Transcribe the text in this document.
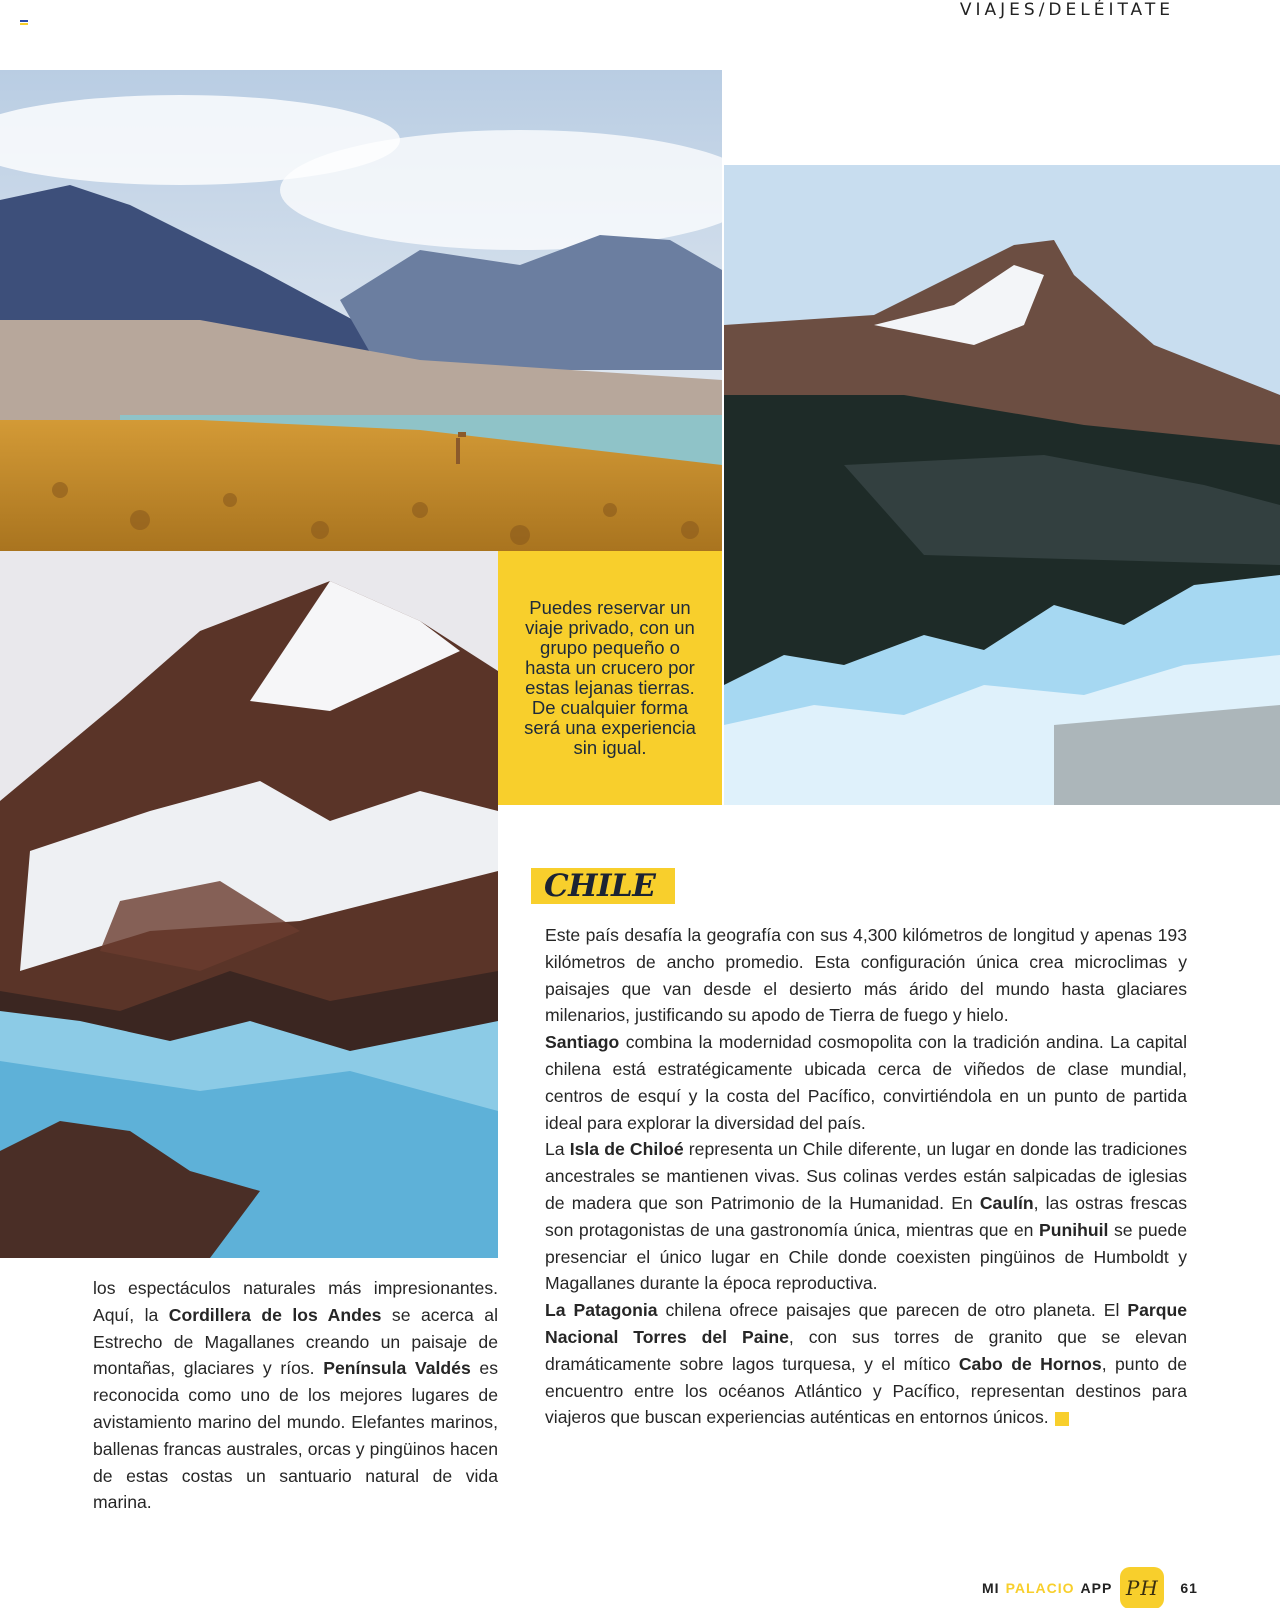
VIAJES/DELÉITATE

Puedes reservar un viaje privado, con un grupo pequeño o hasta un crucero por estas lejanas tierras. De cualquier forma será una experiencia sin igual.

CHILE

Este país desafía la geografía con sus 4,300 kilómetros de longitud y apenas 193 kilómetros de ancho promedio. Esta configuración única crea microclimas y paisajes que van desde el desierto más árido del mundo hasta glaciares milenarios, justificando su apodo de Tierra de fuego y hielo.

Santiago combina la modernidad cosmopolita con la tradición andina. La capital chilena está estratégicamente ubicada cerca de viñedos de clase mundial, centros de esquí y la costa del Pacífico, convirtiéndola en un punto de partida ideal para explorar la diversidad del país.

La Isla de Chiloé representa un Chile diferente, un lugar en donde las tradiciones ancestrales se mantienen vivas. Sus colinas verdes están salpicadas de iglesias de madera que son Patrimonio de la Humanidad. En Caulín, las ostras frescas son protagonistas de una gastronomía única, mientras que en Punihuil se puede presenciar el único lugar en Chile donde coexisten pingüinos de Humboldt y Magallanes durante la época reproductiva.

La Patagonia chilena ofrece paisajes que parecen de otro planeta. El Parque Nacional Torres del Paine, con sus torres de granito que se elevan dramáticamente sobre lagos turquesa, y el mítico Cabo de Hornos, punto de encuentro entre los océanos Atlántico y Pacífico, representan destinos para viajeros que buscan experiencias auténticas en entornos únicos.

los espectáculos naturales más impresionantes. Aquí, la Cordillera de los Andes se acerca al Estrecho de Magallanes creando un paisaje de montañas, glaciares y ríos. Península Valdés es reconocida como uno de los mejores lugares de avistamiento marino del mundo. Elefantes marinos, ballenas francas australes, orcas y pingüinos hacen de estas costas un santuario natural de vida marina.

MI PALACIO APP PH	61
